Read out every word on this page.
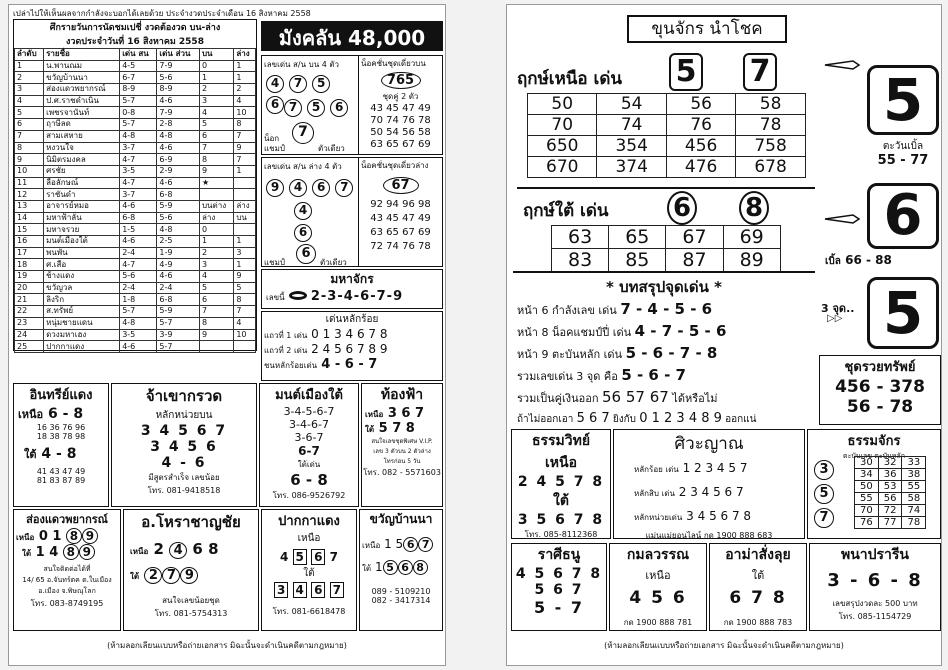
เปล่าไปให้เห็นผลจากกำลังจะบอกได้เลยด้วย ประจำงวดประจำเดือน 16 สิงหาคม 2558
ศึกรายวันการนัดชมเปชี่ งวดต้องวด บน-ล่าง
งวดประจำวันที่ 16 สิงหาคม 2558
ลำดับ	รายชื่อ	เด่น สน	เด่น ส่วน	บน	ล่าง
1	น.พานณม	4-5	7-9	0	1
2	ขวัญบ้านนา	6-7	5-6	1	1
3	ส่องแดวพยากรณ์	8-9	8-9	2	2
4	ป.ศ.ราชดำเนิน	5-7	4-6	3	4
5	เพชรจานันท์	0-8	7-9	4	10
6	ฤาษีลด	5-7	2-8	5	8
7	สามเสหาย	4-8	4-8	6	7
8	หงวนใจ	3-7	4-6	7	9
9	นิมิตรมงคล	4-7	6-9	8	7
10	ศรชัย	3-5	2-9	9	1
11	ลือลักษณ์	4-7	4-6	★	
12	ราชันดำ	3-7	6-8		
13	อาจารย์หมอ	4-6	5-9	บนต่าง	ล่าง
14	มหาฟ้าลั่น	6-8	5-6	ล่าง	บน
15	มหาจรวย	1-5	4-8	0	
16	มนต์เมืองใต้	4-6	2-5	1	1
17	พนพัน	2-4	1-9	2	3
18	ศ.เสือ	4-7	4-9	3	1
19	ช้างแดง	5-6	4-6	4	9
20	ขวัญวล	2-4	2-4	5	5
21	ลิงริก	1-8	6-8	6	8
22	ส.ทรัพย์	5-7	5-9	7	7
23	หนุ่มชายแดน	4-8	5-7	8	4
24	ดวงมหาเฮง	3-5	3-9	9	10
25	ปากกาแดง	4-6	5-7		
มังคลัน 48,000
เลขเด่น ส/น บน 4 ตัว
4 7 5 6 7 5 6
น็อก
แชมป์
7
ตัวเดียว
น็อคชั่นชุดเดี่ยวบน
765
ชุดคู่ 2 ตัว
43 45 47 49
70 74 76 78
50 54 56 58
63 65 67 69
เลขเด่น ส/น ล่าง 4 ตัว
9 4 6 7
4
6
แชมป์
6
ตัวเดียว
น็อคชั่นชุดเดี่ยวล่าง
67
92 94 96 98
43 45 47 49
63 65 67 69
72 74 76 78
มหาจักร
เลขนี้ 2-3-4-6-7-9
เด่นหลักร้อย
แถวที่ 1 เด่น 0 1 3 4 6 7 8
แถวที่ 2 เด่น 2 4 5 6 7 8 9
ชนหลักร้อยเด่น 4 - 6 - 7
อินทรีย์แดง
เหนือ 6 - 8
16 36 76 96
18 38 78 98
ใต้ 4 - 8
41 43 47 49
81 83 87 89
จ้าเขากรวด
หลักหน่วยบน
3 4 5 6 7
3 4 5 6
4 - 6
มีสูตรสำเร็จ เลขน้อย
โทร. 081-9418518
มนต์เมืองใต้
3-4-5-6-7
3-4-6-7
3-6-7
6-7
ใต้เด่น
6 - 8
โทร. 086-9526792
ท้องฟ้า
เหนือ 3 6 7
ใต้ 5 7 8
สนใจเลขชุดพิเศษ V.I.P.
เลข 3 ตัวบน 2 ตัวล่าง
โทรก่อน 5 วัน
โทร. 082 - 5571603
ส่องแดวพยากรณ์
เหนือ 0 1 8 9
ใต้ 1 4 8 9
สนใจติดต่อได้ที่
14/ 65 อ.จันทร์ตค ต.ในเมือง
อ.เมือง จ.พิษณุโลก
โทร. 083-8749195
อ.โหราชาญชัย
เหนือ 2 4 6 8
ใต้ 2 7 9
สนใจเลขน้อยชุด
โทร. 081-5754313
ปากกาแดง
เหนือ
4 5 6 7
ใต้
3 4 6 7
โทร. 081-6618478
ขวัญบ้านนา
เหนือ 1 5 6 7
ใต้ 1 5 6 8
089 - 5109210
082 - 3417314
(ห้ามลอกเลียนแบบหรือถ่ายเอกสาร มิฉะนั้นจะดำเนินคดีตามกฎหมาย)
ขุนจักร นำโชค
ฤกษ์เหนือ เด่น 5 7
50	54	56	58
70	74	76	78
650	354	456	758
670	374	476	678
5
ตะวันเบิ้ล
55 - 77
ฤกษ์ใต้ เด่น 6 8
63	65	67	69
83	85	87	89
6
เบิ้ล 66 - 88
* บทสรุปจุดเด่น *
หน้า 6 กำลังเลข เด่น 7 - 4 - 5 - 6
หน้า 8 น็อคแชมป์ปี่ เด่น 4 - 7 - 5 - 6
หน้า 9 ตะบันหลัก เด่น 5 - 6 - 7 - 8
รวมเลขเด่น 3 จุด คือ 5 - 6 - 7
รวมเป็นคู่เงินออก 56 57 67 ได้หรือไม่
ถ้าไม่ออกเอา 5 6 7 ยิงกับ 0 1 2 3 4 8 9 ออกแน่
3 จุด..
▷▷ 5
ชุดรวยทรัพย์
456 - 378
56 - 78
ธรรมวิทย์
เหนือ
2 4 5 7 8
ใต้
3 5 6 7 8
โทร. 085-8112368
ศิวะญาณ
หลักร้อย เด่น 1 2 3 4 5 7
หลักสิบ เด่น 2 3 4 5 6 7
หลักหน่วยเด่น 3 4 5 6 7 8
แม่นแม่ยอนไลน์ กด 1900 888 683
ธรรมจักร
ตะบันเลข ตะบันหลัก
3
5
7
30	32	33
34	36	38
50	53	55
55	56	58
70	72	74
76	77	78
ราศีธนู
4 5 6 7 8
5 6 7
5 - 7
กมลวรรณ
เหนือ
4 5 6
กด 1900 888 781
อาม่าสั่งลุย
ใต้
6 7 8
กด 1900 888 783
พนาปรารีน
3 - 6 - 8
เลขสรุปงวดละ 500 บาท
โทร. 085-1154729
(ห้ามลอกเลียนแบบหรือถ่ายเอกสาร มิฉะนั้นจะดำเนินคดีตามกฎหมาย)
